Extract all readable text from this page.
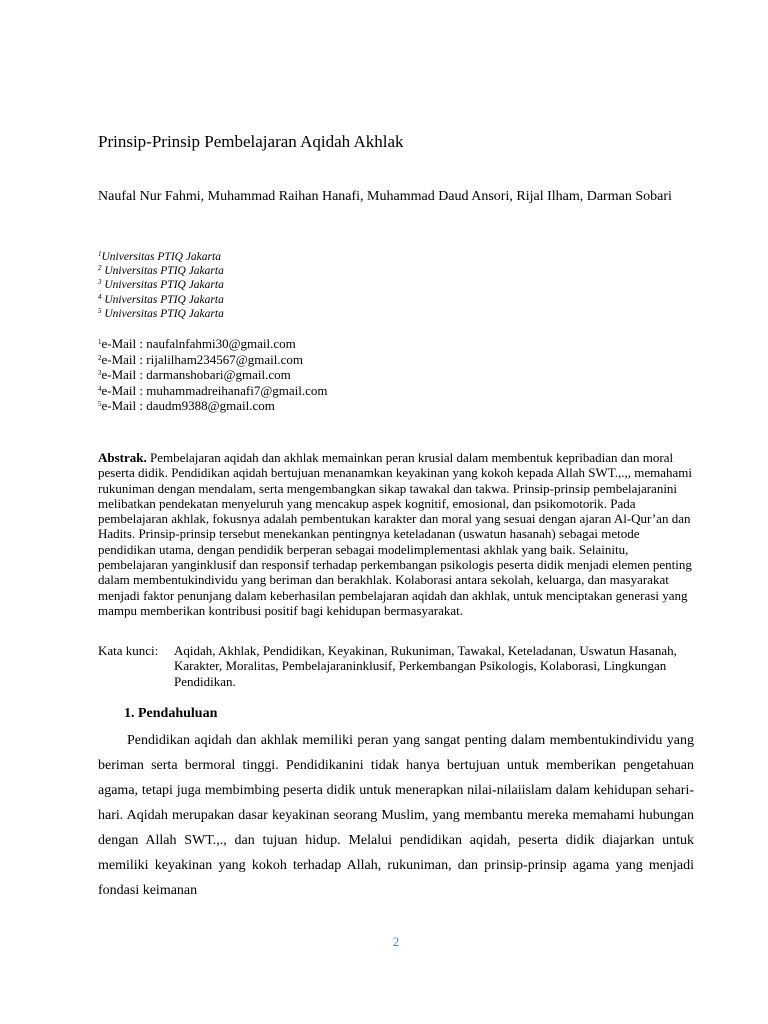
Prinsip-Prinsip Pembelajaran Aqidah Akhlak
Naufal Nur Fahmi, Muhammad Raihan Hanafi, Muhammad Daud Ansori, Rijal Ilham, Darman Sobari
$^1$Universitas PTIQ Jakarta
$^2$ Universitas PTIQ Jakarta
$^3$ Universitas PTIQ Jakarta
$^4$ Universitas PTIQ Jakarta
$^5$ Universitas PTIQ Jakarta
$^1$e-Mail : naufalnfahmi30@gmail.com
$^2$e-Mail : rijalilham234567@gmail.com
$^3$e-Mail : darmanshobari@gmail.com
$^4$e-Mail : muhammadreihanafi7@gmail.com
$^5$e-Mail : daudm9388@gmail.com
Abstrak. Pembelajaran aqidah dan akhlak memainkan peran krusial dalam membentuk kepribadian dan moral peserta didik. Pendidikan aqidah bertujuan menanamkan keyakinan yang kokoh kepada Allah SWT.,.,, memahami rukuniman dengan mendalam, serta mengembangkan sikap tawakal dan takwa. Prinsip-prinsip pembelajaranini melibatkan pendekatan menyeluruh yang mencakup aspek kognitif, emosional, dan psikomotorik. Pada pembelajaran akhlak, fokusnya adalah pembentukan karakter dan moral yang sesuai dengan ajaran Al-Qur’an dan Hadits. Prinsip-prinsip tersebut menekankan pentingnya keteladanan (uswatun hasanah) sebagai metode pendidikan utama, dengan pendidik berperan sebagai modelimplementasi akhlak yang baik. Selainitu, pembelajaran yanginklusif dan responsif terhadap perkembangan psikologis peserta didik menjadi elemen penting dalam membentukindividu yang beriman dan berakhlak. Kolaborasi antara sekolah, keluarga, dan masyarakat menjadi faktor penunjang dalam keberhasilan pembelajaran aqidah dan akhlak, untuk menciptakan generasi yang mampu memberikan kontribusi positif bagi kehidupan bermasyarakat.
Kata kunci:	Aqidah, Akhlak, Pendidikan, Keyakinan, Rukuniman, Tawakal, Keteladanan, Uswatun Hasanah, Karakter, Moralitas, Pembelajaraninklusif, Perkembangan Psikologis, Kolaborasi, Lingkungan Pendidikan.
1. Pendahuluan
Pendidikan aqidah dan akhlak memiliki peran yang sangat penting dalam membentukindividu yang beriman serta bermoral tinggi. Pendidikanini tidak hanya bertujuan untuk memberikan pengetahuan agama, tetapi juga membimbing peserta didik untuk menerapkan nilai-nilaiislam dalam kehidupan sehari-hari. Aqidah merupakan dasar keyakinan seorang Muslim, yang membantu mereka memahami hubungan dengan Allah SWT.,., dan tujuan hidup. Melalui pendidikan aqidah, peserta didik diajarkan untuk memiliki keyakinan yang kokoh terhadap Allah, rukuniman, dan prinsip-prinsip agama yang menjadi fondasi keimanan
2
